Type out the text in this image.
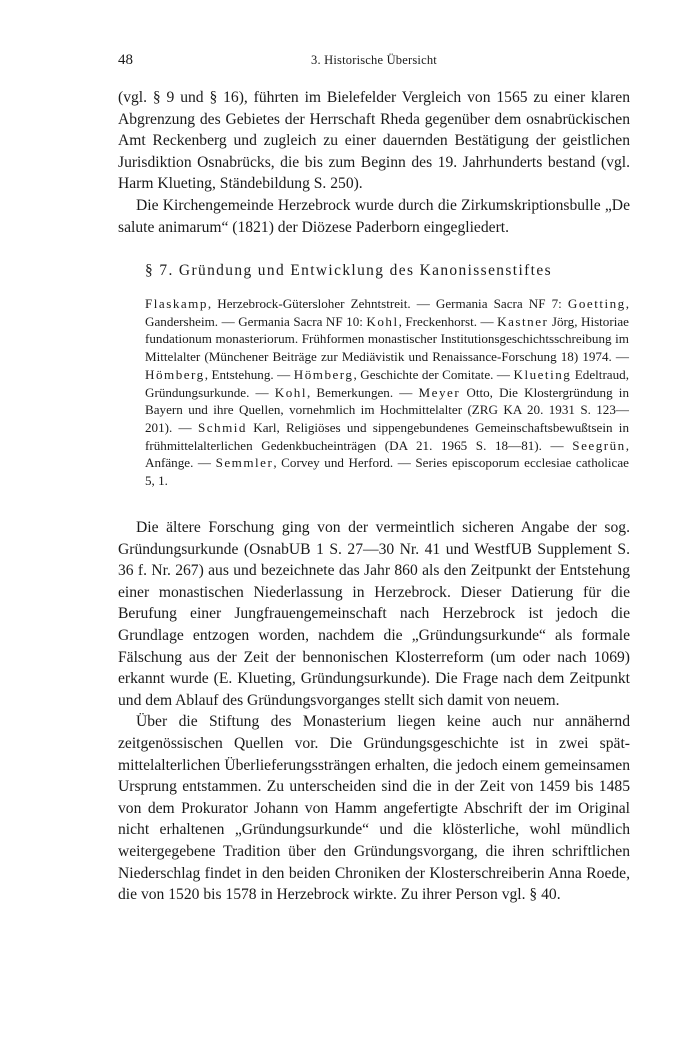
48	3. Historische Übersicht

(vgl. § 9 und § 16), führten im Bielefelder Vergleich von 1565 zu einer klaren Abgrenzung des Gebietes der Herrschaft Rheda gegenüber dem osnabrückischen Amt Reckenberg und zugleich zu einer dauernden Bestätigung der geistlichen Jurisdiktion Osnabrücks, die bis zum Beginn des 19. Jahrhunderts bestand (vgl. Harm Klueting, Ständebildung S. 250).

Die Kirchengemeinde Herzebrock wurde durch die Zirkumskriptionsbulle „De salute animarum“ (1821) der Diözese Paderborn eingegliedert.

§ 7. Gründung und Entwicklung des Kanonissenstiftes

Flaskamp, Herzebrock-Gütersloher Zehntstreit. — Germania Sacra NF 7: Goetting, Gandersheim. — Germania Sacra NF 10: Kohl, Freckenhorst. — Kastner Jörg, Historiae fundationum monasteriorum. Frühformen monastischer Institutionsgeschichtsschreibung im Mittelalter (Münchener Beiträge zur Mediävistik und Renaissance-Forschung 18) 1974. — Hömberg, Entstehung. — Hömberg, Geschichte der Comitate. — Klueting Edeltraud, Gründungsurkunde. — Kohl, Bemerkungen. — Meyer Otto, Die Klostergründung in Bayern und ihre Quellen, vornehmlich im Hochmittelalter (ZRG KA 20. 1931 S. 123—201). — Schmid Karl, Religiöses und sippengebundenes Gemeinschaftsbewußtsein in frühmittelalterlichen Gedenkbucheinträgen (DA 21. 1965 S. 18—81). — Seegrün, Anfänge. — Semmler, Corvey und Herford. — Series episcoporum ecclesiae catholicae 5, 1.

Die ältere Forschung ging von der vermeintlich sicheren Angabe der sog. Gründungsurkunde (OsnabUB 1 S. 27—30 Nr. 41 und WestfUB Supplement S. 36 f. Nr. 267) aus und bezeichnete das Jahr 860 als den Zeitpunkt der Entstehung einer monastischen Niederlassung in Herzebrock. Dieser Datierung für die Berufung einer Jungfrauengemeinschaft nach Herzebrock ist jedoch die Grundlage entzogen worden, nachdem die „Gründungsurkunde“ als formale Fälschung aus der Zeit der bennonischen Klosterreform (um oder nach 1069) erkannt wurde (E. Klueting, Gründungsurkunde). Die Frage nach dem Zeitpunkt und dem Ablauf des Gründungsvorganges stellt sich damit von neuem.

Über die Stiftung des Monasterium liegen keine auch nur annähernd zeitgenössischen Quellen vor. Die Gründungsgeschichte ist in zwei spätmittelalterlichen Überlieferungssträngen erhalten, die jedoch einem gemeinsamen Ursprung entstammen. Zu unterscheiden sind die in der Zeit von 1459 bis 1485 von dem Prokurator Johann von Hamm angefertigte Abschrift der im Original nicht erhaltenen „Gründungsurkunde“ und die klösterliche, wohl mündlich weitergegebene Tradition über den Gründungsvorgang, die ihren schriftlichen Niederschlag findet in den beiden Chroniken der Klosterschreiberin Anna Roede, die von 1520 bis 1578 in Herzebrock wirkte. Zu ihrer Person vgl. § 40.
